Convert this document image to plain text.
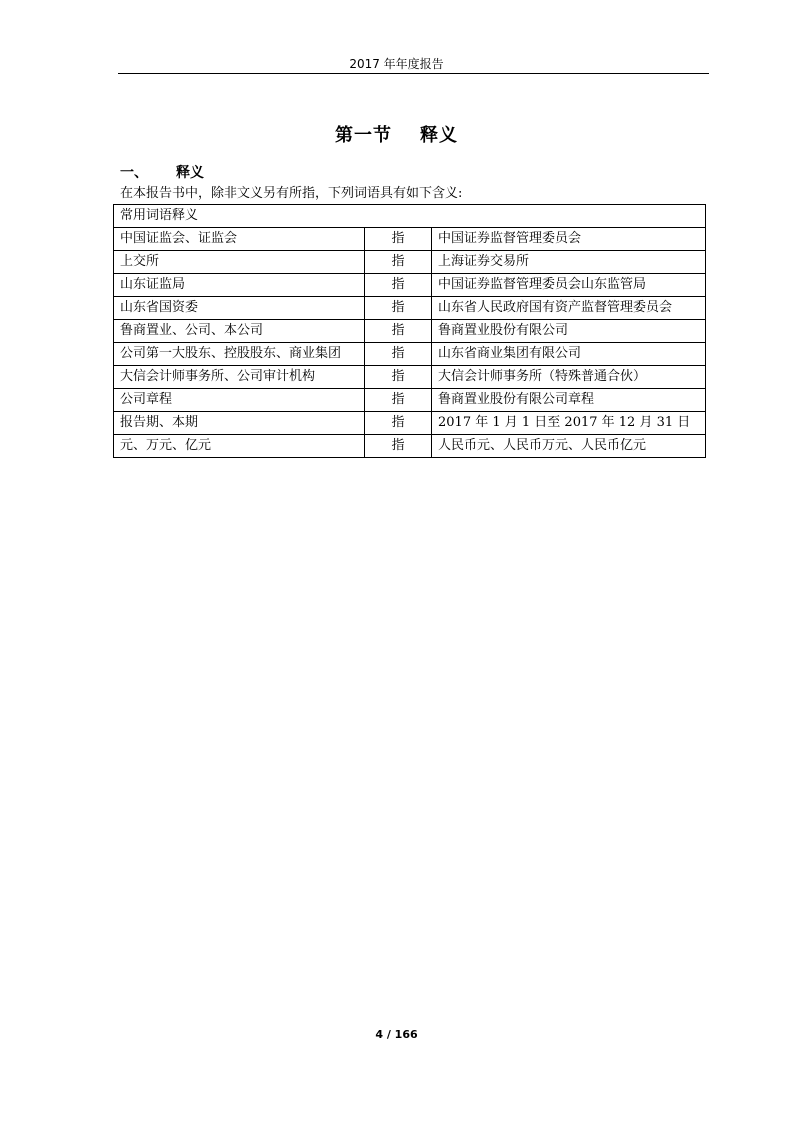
2017 年年度报告
第一节 释义
一、 释义
在本报告书中，除非文义另有所指，下列词语具有如下含义:
常用词语释义		
中国证监会、证监会	指	中国证券监督管理委员会
上交所	指	上海证券交易所
山东证监局	指	中国证券监督管理委员会山东监管局
山东省国资委	指	山东省人民政府国有资产监督管理委员会
鲁商置业、公司、本公司	指	鲁商置业股份有限公司
公司第一大股东、控股股东、商业集团	指	山东省商业集团有限公司
大信会计师事务所、公司审计机构	指	大信会计师事务所（特殊普通合伙）
公司章程	指	鲁商置业股份有限公司章程
报告期、本期	指	2017 年 1 月 1 日至 2017 年 12 月 31 日
元、万元、亿元	指	人民币元、人民币万元、人民币亿元
4 / 166
